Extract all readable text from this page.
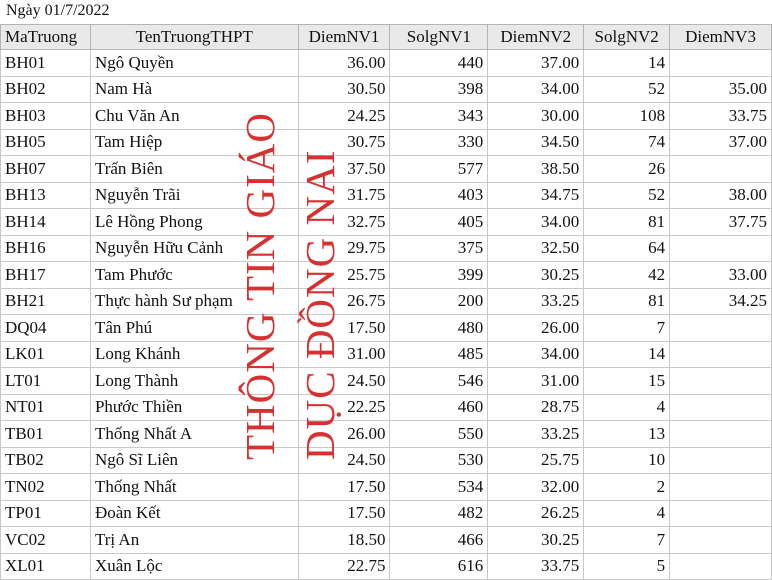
Ngày 01/7/2022
MaTruong	TenTruongTHPT	DiemNV1	SolgNV1	DiemNV2	SolgNV2	DiemNV3
BH01	Ngô Quyền	36.00	440	37.00	14	
BH02	Nam Hà	30.50	398	34.00	52	35.00
BH03	Chu Văn An	24.25	343	30.00	108	33.75
BH05	Tam Hiệp	30.75	330	34.50	74	37.00
BH07	Trấn Biên	37.50	577	38.50	26	
BH13	Nguyễn Trãi	31.75	403	34.75	52	38.00
BH14	Lê Hồng Phong	32.75	405	34.00	81	37.75
BH16	Nguyễn Hữu Cảnh	29.75	375	32.50	64	
BH17	Tam Phước	25.75	399	30.25	42	33.00
BH21	Thực hành Sư phạm	26.75	200	33.25	81	34.25
DQ04	Tân Phú	17.50	480	26.00	7	
LK01	Long Khánh	31.00	485	34.00	14	
LT01	Long Thành	24.50	546	31.00	15	
NT01	Phước Thiền	22.25	460	28.75	4	
TB01	Thống Nhất A	26.00	550	33.25	13	
TB02	Ngô Sĩ Liên	24.50	530	25.75	10	
TN02	Thống Nhất	17.50	534	32.00	2	
TP01	Đoàn Kết	17.50	482	26.25	4	
VC02	Trị An	18.50	466	30.25	7	
XL01	Xuân Lộc	22.75	616	33.75	5	
THÔNG TIN GIÁO DỤC ĐỒNG NAI
